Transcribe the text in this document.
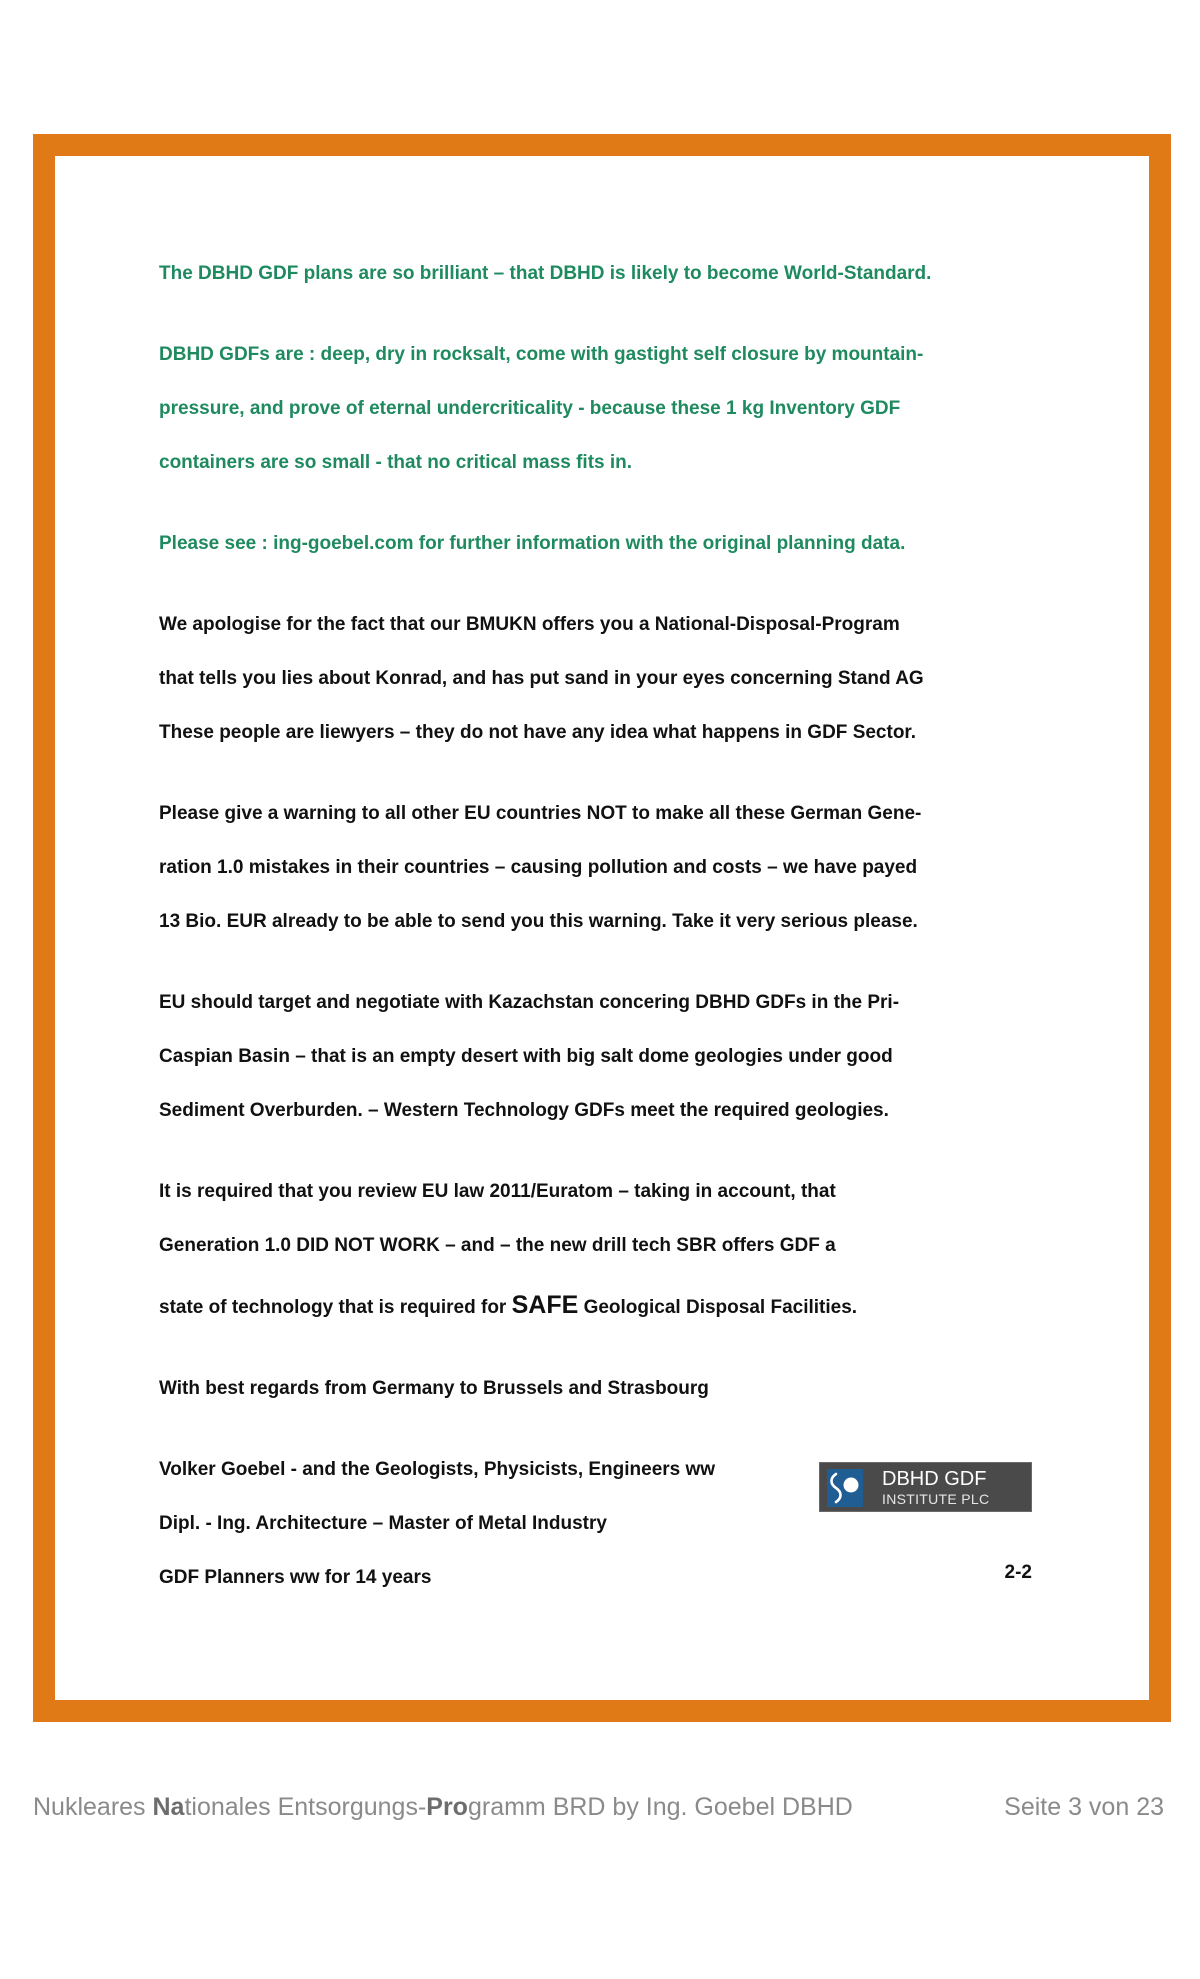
The DBHD GDF plans are so brilliant – that DBHD is likely to become World-Standard.

DBHD GDFs are : deep, dry in rocksalt, come with gastight self closure by mountain-

pressure, and prove of eternal undercriticality - because these 1 kg Inventory GDF

containers are so small - that no critical mass fits in.

Please see : ing-goebel.com for further information with the original planning data.

We apologise for the fact that our BMUKN offers you a National-Disposal-Program

that tells you lies about Konrad, and has put sand in your eyes concerning Stand AG

These people are liewyers – they do not have any idea what happens in GDF Sector.

Please give a warning to all other EU countries NOT to make all these German Gene-

ration 1.0 mistakes in their countries – causing pollution and costs – we have payed

13 Bio. EUR already to be able to send you this warning. Take it very serious please.

EU should target and negotiate with Kazachstan concering DBHD GDFs in the Pri-

Caspian Basin – that is an empty desert with big salt dome geologies under good

Sediment Overburden. – Western Technology GDFs meet the required geologies.

It is required that you review EU law 2011/Euratom – taking in account, that

Generation 1.0 DID NOT WORK – and – the new drill tech SBR offers GDF a

state of technology that is required for SAFE Geological Disposal Facilities.

With best regards from Germany to Brussels and Strasbourg

Volker Goebel - and the Geologists, Physicists, Engineers ww

Dipl. - Ing. Architecture – Master of Metal Industry

GDF Planners ww for 14 years

DBHD GDF
INSTITUTE PLC
2-2
Nukleares Nationales Entsorgungs-Programm BRD by Ing. Goebel DBHD	Seite 3 von 23
